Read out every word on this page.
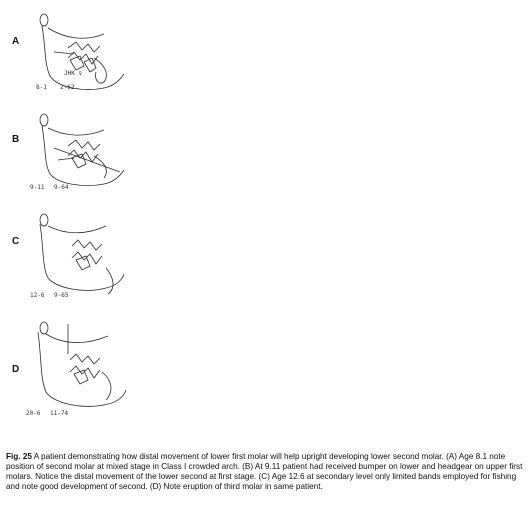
A
JHK ♀
8-1 2-62
B
9-11 9-64
C
12-6 9-65
D
20-6 11-74
Fig. 25 A patient demonstrating how distal movement of lower first molar will help upright developing lower second molar. (A) Age 8.1 note position of second molar at mixed stage in Class I crowded arch. (B) At 9.11 patient had received bumper on lower and headgear on upper first molars. Notice the distal movement of the lower second at first stage. (C) Age 12.6 at secondary level only limited bands employed for fishing and note good development of second. (D) Note eruption of third molar in same patient.
